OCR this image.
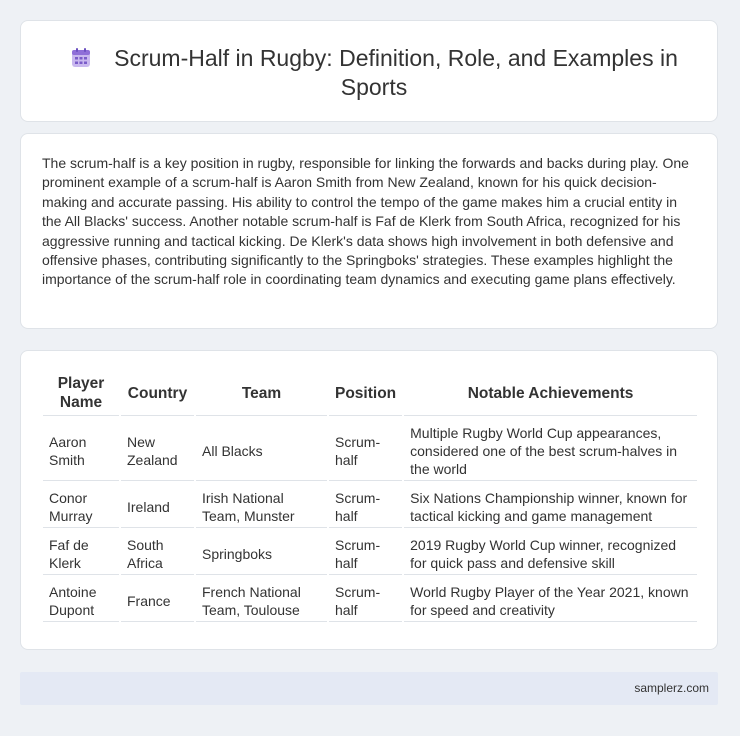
Scrum-Half in Rugby: Definition, Role, and Examples in Sports
The scrum-half is a key position in rugby, responsible for linking the forwards and backs during play. One prominent example of a scrum-half is Aaron Smith from New Zealand, known for his quick decision-making and accurate passing. His ability to control the tempo of the game makes him a crucial entity in the All Blacks' success. Another notable scrum-half is Faf de Klerk from South Africa, recognized for his aggressive running and tactical kicking. De Klerk's data shows high involvement in both defensive and offensive phases, contributing significantly to the Springboks' strategies. These examples highlight the importance of the scrum-half role in coordinating team dynamics and executing game plans effectively.
Player Name	Country	Team	Position	Notable Achievements
Aaron Smith	New Zealand	All Blacks	Scrum-half	Multiple Rugby World Cup appearances, considered one of the best scrum-halves in the world
Conor Murray	Ireland	Irish National Team, Munster	Scrum-half	Six Nations Championship winner, known for tactical kicking and game management
Faf de Klerk	South Africa	Springboks	Scrum-half	2019 Rugby World Cup winner, recognized for quick pass and defensive skill
Antoine Dupont	France	French National Team, Toulouse	Scrum-half	World Rugby Player of the Year 2021, known for speed and creativity
samplerz.com
